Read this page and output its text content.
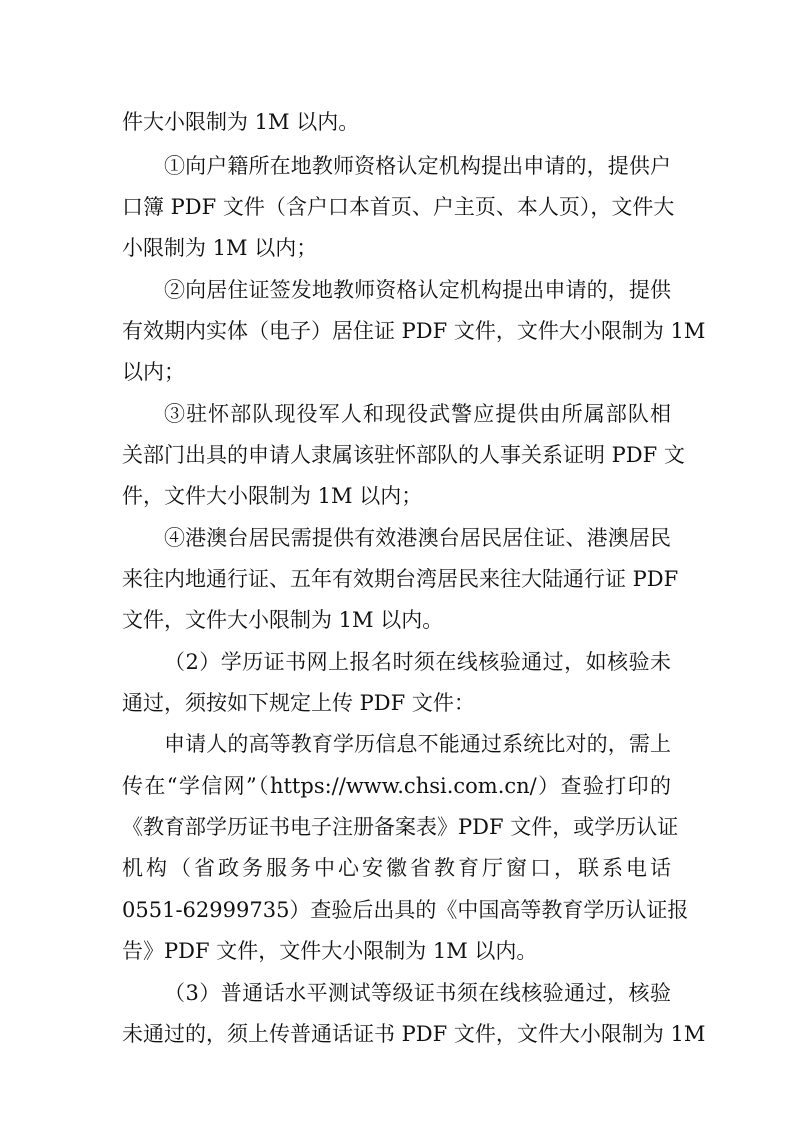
件大小限制为 1M 以内。
①向户籍所在地教师资格认定机构提出申请的，提供户
口簿 PDF 文件（含户口本首页、户主页、本人页），文件大
小限制为 1M 以内；
②向居住证签发地教师资格认定机构提出申请的，提供
有效期内实体（电子）居住证 PDF 文件，文件大小限制为 1M
以内；
③驻怀部队现役军人和现役武警应提供由所属部队相
关部门出具的申请人隶属该驻怀部队的人事关系证明 PDF 文
件，文件大小限制为 1M 以内；
④港澳台居民需提供有效港澳台居民居住证、港澳居民
来往内地通行证、五年有效期台湾居民来往大陆通行证 PDF
文件，文件大小限制为 1M 以内。
（2）学历证书网上报名时须在线核验通过，如核验未
通过，须按如下规定上传 PDF 文件：
申请人的高等教育学历信息不能通过系统比对的，需上
传在“学信网”（https://www.chsi.com.cn/）查验打印的
《教育部学历证书电子注册备案表》PDF 文件，或学历认证
机构（省政务服务中心安徽省教育厅窗口，联系电话
0551-62999735）查验后出具的《中国高等教育学历认证报
告》PDF 文件，文件大小限制为 1M 以内。
（3）普通话水平测试等级证书须在线核验通过，核验
未通过的，须上传普通话证书 PDF 文件，文件大小限制为 1M
